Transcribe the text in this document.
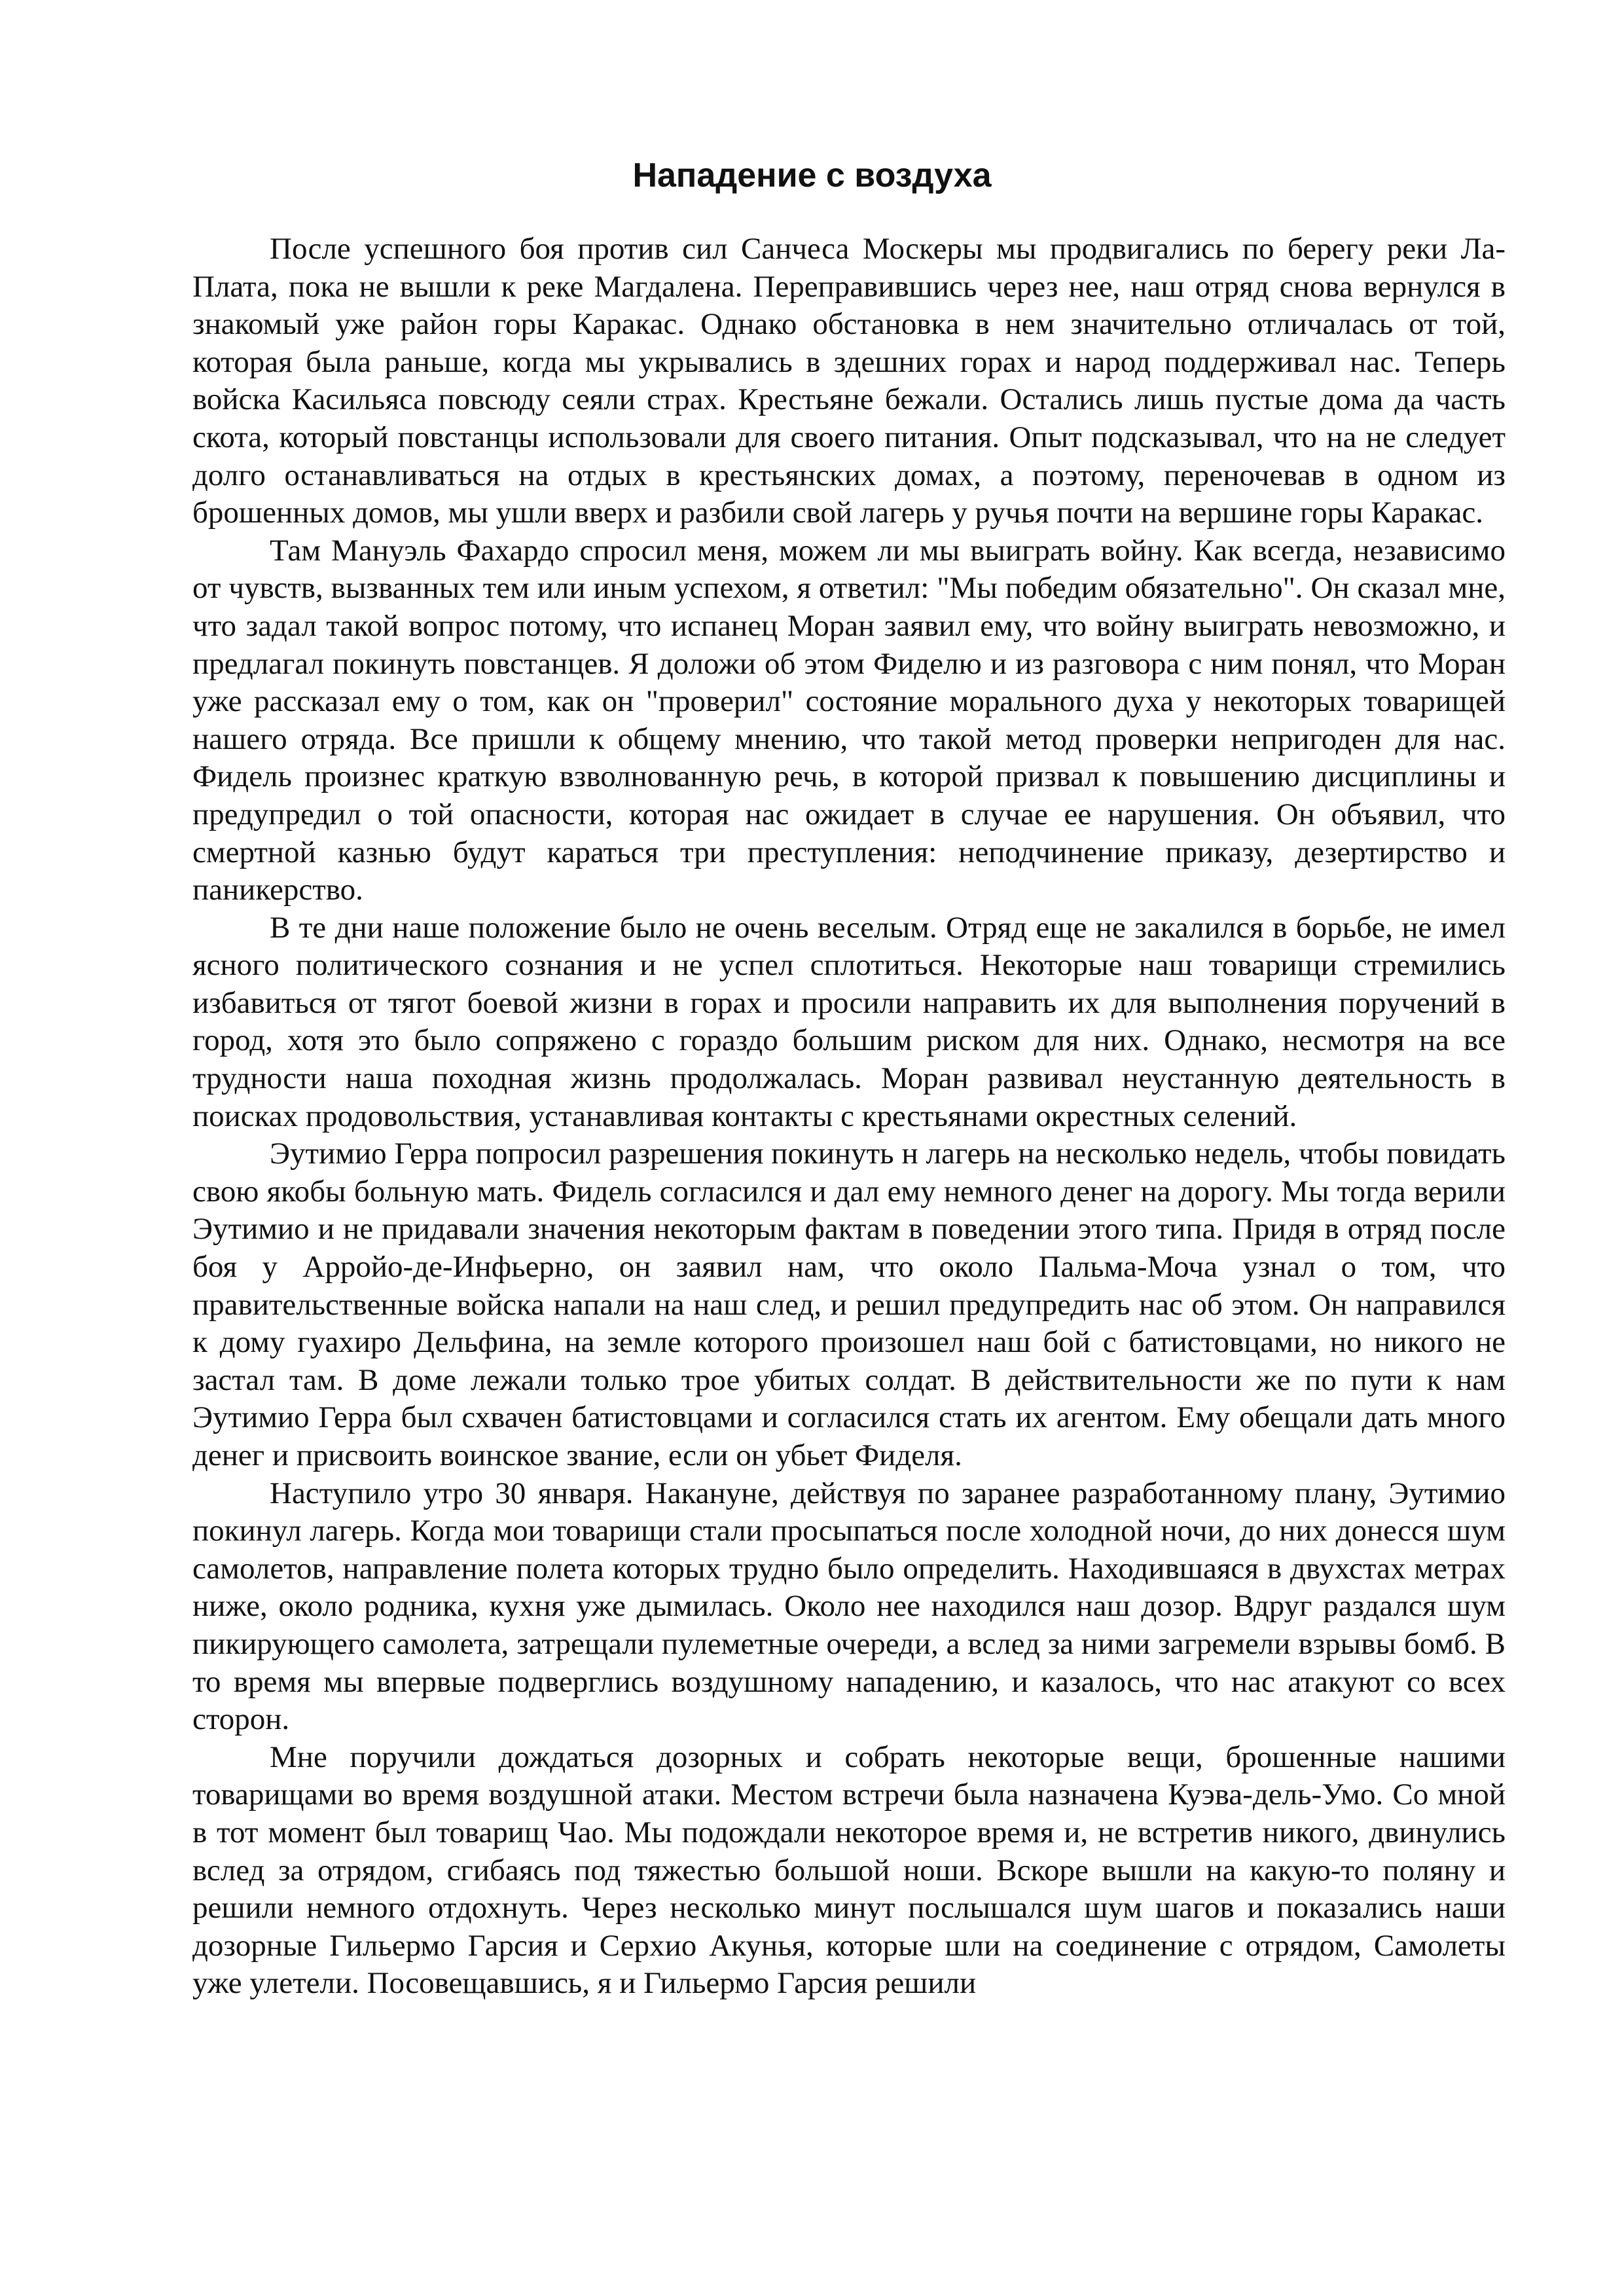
Нападение с воздуха

После успешного боя против сил Санчеса Москеры мы продвигались по берегу реки Ла-Плата, пока не вышли к реке Магдалена. Переправившись через нее, наш отряд снова вернулся в знакомый уже район горы Каракас. Однако обстановка в нем значительно отличалась от той, которая была раньше, когда мы укрывались в здешних горах и народ поддерживал нас. Теперь войска Касильяса повсюду сеяли страх. Крестьяне бежали. Остались лишь пустые дома да часть скота, который повстанцы использовали для своего питания. Опыт подсказывал, что на не следует долго останавливаться на отдых в крестьянских домах, а поэтому, переночевав в одном из брошенных домов, мы ушли вверх и разбили свой лагерь у ручья почти на вершине горы Каракас.

Там Мануэль Фахардо спросил меня, можем ли мы выиграть войну. Как всегда, независимо от чувств, вызванных тем или иным успехом, я ответил: "Мы победим обязательно". Он сказал мне, что задал такой вопрос потому, что испанец Моран заявил ему, что войну выиграть невозможно, и предлагал покинуть повстанцев. Я доложи об этом Фиделю и из разговора с ним понял, что Моран уже рассказал ему о том, как он "проверил" состояние морального духа у некоторых товарищей нашего отряда. Все пришли к общему мнению, что такой метод проверки непригоден для нас. Фидель произнес краткую взволнованную речь, в которой призвал к повышению дисциплины и предупредил о той опасности, которая нас ожидает в случае ее нарушения. Он объявил, что смертной казнью будут караться три преступления: неподчинение приказу, дезертирство и паникерство.

В те дни наше положение было не очень веселым. Отряд еще не закалился в борьбе, не имел ясного политического сознания и не успел сплотиться. Некоторые наш товарищи стремились избавиться от тягот боевой жизни в горах и просили направить их для выполнения поручений в город, хотя это было сопряжено с гораздо большим риском для них. Однако, несмотря на все трудности наша походная жизнь продолжалась. Моран развивал неустанную деятельность в поисках продовольствия, устанавливая контакты с крестьянами окрестных селений.

Эутимио Герра попросил разрешения покинуть н лагерь на несколько недель, чтобы повидать свою якобы больную мать. Фидель согласился и дал ему немного денег на дорогу. Мы тогда верили Эутимио и не придавали значения некоторым фактам в поведении этого типа. Придя в отряд после боя у Арройо-де-Инфьерно, он заявил нам, что около Пальма-Моча узнал о том, что правительственные войска напали на наш след, и решил предупредить нас об этом. Он направился к дому гуахиро Дельфина, на земле которого произошел наш бой с батистовцами, но никого не застал там. В доме лежали только трое убитых солдат. В действительности же по пути к нам Эутимио Герра был схвачен батистовцами и согласился стать их агентом. Ему обещали дать много денег и присвоить воинское звание, если он убьет Фиделя.

Наступило утро 30 января. Накануне, действуя по заранее разработанному плану, Эутимио покинул лагерь. Когда мои товарищи стали просыпаться после холодной ночи, до них донесся шум самолетов, направление полета которых трудно было определить. Находившаяся в двухстах метрах ниже, около родника, кухня уже дымилась. Около нее находился наш дозор. Вдруг раздался шум пикирующего самолета, затрещали пулеметные очереди, а вслед за ними загремели взрывы бомб. В то время мы впервые подверглись воздушному нападению, и казалось, что нас атакуют со всех сторон.

Мне поручили дождаться дозорных и собрать некоторые вещи, брошенные нашими товарищами во время воздушной атаки. Местом встречи была назначена Куэва-дель-Умо. Со мной в тот момент был товарищ Чао. Мы подождали некоторое время и, не встретив никого, двинулись вслед за отрядом, сгибаясь под тяжестью большой ноши. Вскоре вышли на какую-то поляну и решили немного отдохнуть. Через несколько минут послышался шум шагов и показались наши дозорные Гильермо Гарсия и Серхио Акунья, которые шли на соединение с отрядом, Самолеты уже улетели. Посовещавшись, я и Гильермо Гарсия решили
